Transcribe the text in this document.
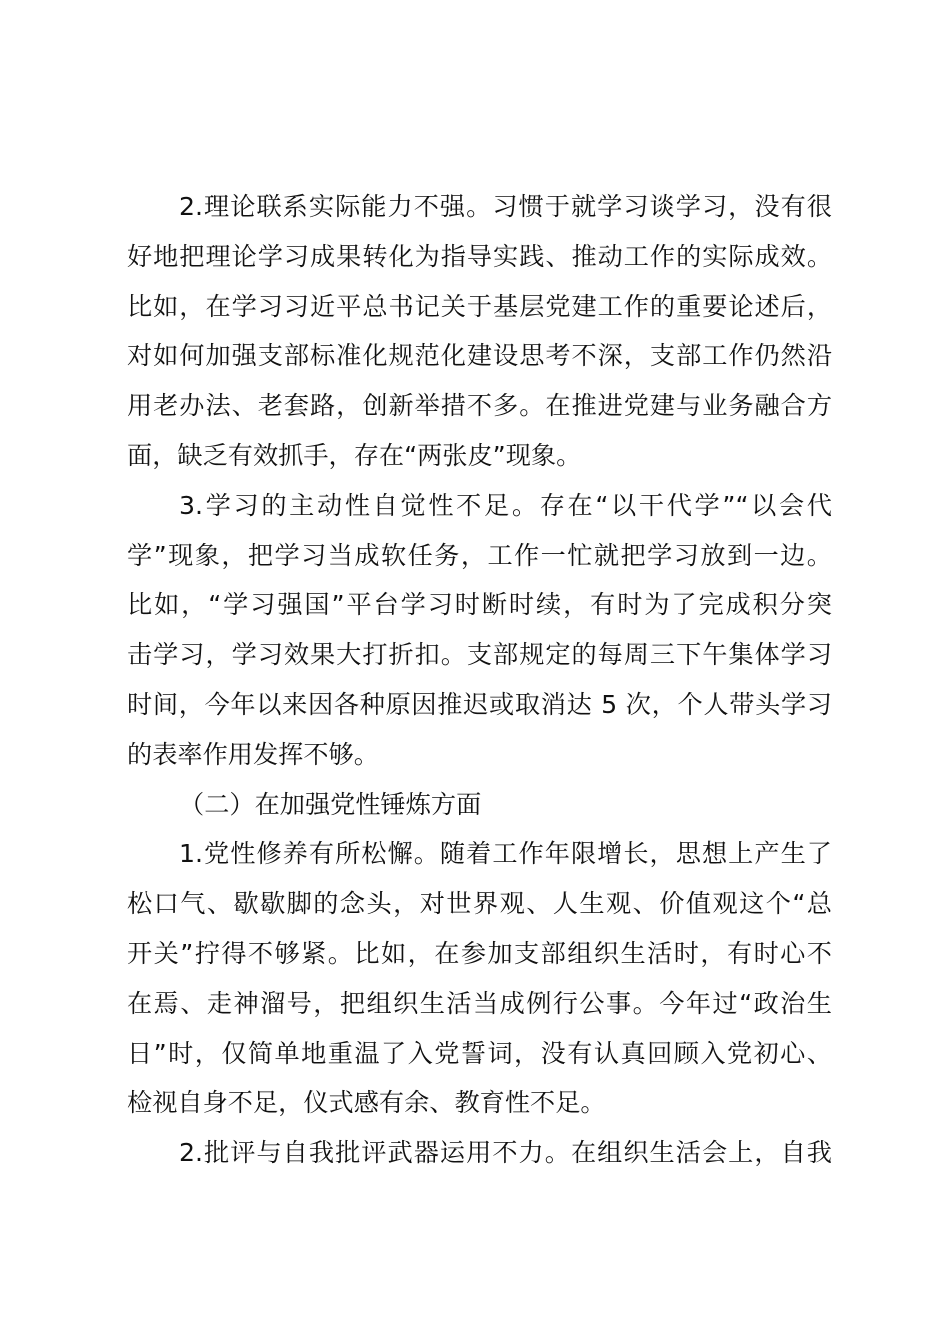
2.理论联系实际能力不强。习惯于就学习谈学习，没有很
好地把理论学习成果转化为指导实践、推动工作的实际成效。
比如，在学习习近平总书记关于基层党建工作的重要论述后，
对如何加强支部标准化规范化建设思考不深，支部工作仍然沿
用老办法、老套路，创新举措不多。在推进党建与业务融合方
面，缺乏有效抓手，存在“两张皮”现象。
3.学习的主动性自觉性不足。存在“以干代学”“以会代
学”现象，把学习当成软任务，工作一忙就把学习放到一边。
比如，“学习强国”平台学习时断时续，有时为了完成积分突
击学习，学习效果大打折扣。支部规定的每周三下午集体学习
时间，今年以来因各种原因推迟或取消达 5 次，个人带头学习
的表率作用发挥不够。
（二）在加强党性锤炼方面
1.党性修养有所松懈。随着工作年限增长，思想上产生了
松口气、歇歇脚的念头，对世界观、人生观、价值观这个“总
开关”拧得不够紧。比如，在参加支部组织生活时，有时心不
在焉、走神溜号，把组织生活当成例行公事。今年过“政治生
日”时，仅简单地重温了入党誓词，没有认真回顾入党初心、
检视自身不足，仪式感有余、教育性不足。
2.批评与自我批评武器运用不力。在组织生活会上，自我
